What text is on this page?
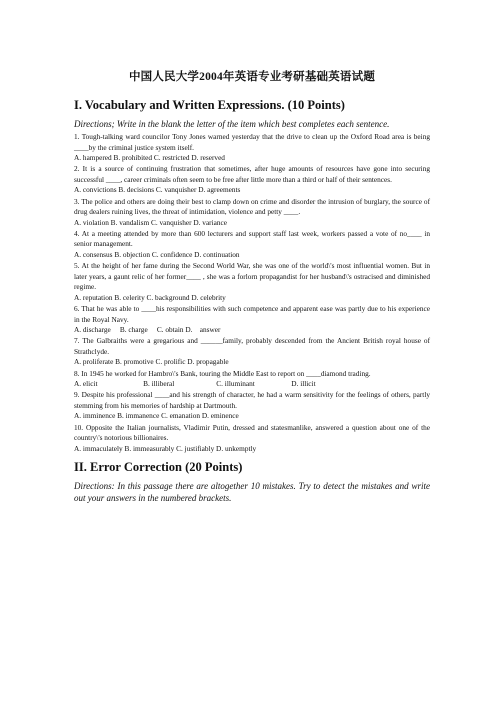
中国人民大学2004年英语专业考研基础英语试题
I. Vocabulary and Written Expressions. (10 Points)

Directions; Write in the blank the letter of the item which best completes each sentence.

1. Tough-talking ward councilor Tony Jones warned yesterday that the drive to clean up the Oxford Road area is being ____by the criminal justice system itself.

A. hampered B. prohibited C. restricted D. reserved

2. It is a source of continuing frustration that sometimes, after huge amounts of resources have gone into securing successful ____, career criminals often seem to be free after little more than a third or half of their sentences.

A. convictions B. decisions C. vanquisher D. agreements

3. The police and others are doing their best to clamp down on crime and disorder the intrusion of burglary, the source of drug dealers ruining lives, the threat of intimidation, violence and petty ____.

A. violation B. vandalism C. vanquisher D. variance

4. At a meeting attended by more than 600 lecturers and support staff last week, workers passed a vote of no____ in senior management.

A. consensus B. objection C. confidence D. continuation

5. At the height of her fame during the Second World War, she was one of the world\'s most influential women. But in later years, a gaunt relic of her former____ , she was a forlorn propagandist for her husband\'s ostracised and diminished regime.

A. reputation B. celerity C. background D. celebrity

6. That he was able to ____his responsibilities with such competence and apparent ease was partly due to his experience in the Royal Navy.

A. discharge     B. charge     C. obtain D.    answer

7. The Galbraiths were a gregarious and ______family, probably descended from the Ancient British royal house of Strathclyde.

A. proliferate B. promotive C. prolific D. propagable

8. In 1945 he worked for Hambro\'s Bank, touring the Middle East to report on ____diamond trading.

A. elicit                         B. illiberal                       C. illuminant                    D. illicit

9. Despite his professional ____and his strength of character, he had a warm sensitivity for the feelings of others, partly stemming from his memories of hardship at Dartmouth.

A. imminence B. immanence C. emanation D. eminence

10. Opposite the Italian journalists, Vladimir Putin, dressed and statesmanlike, answered a question about one of the country\'s notorious billionaires.

A. immaculately B. immeasurably C. justifiably D. unkemptly

II. Error Correction (20 Points)

Directions: In this passage there are altogether 10 mistakes. Try to detect the mistakes and write out your answers in the numbered brackets.
